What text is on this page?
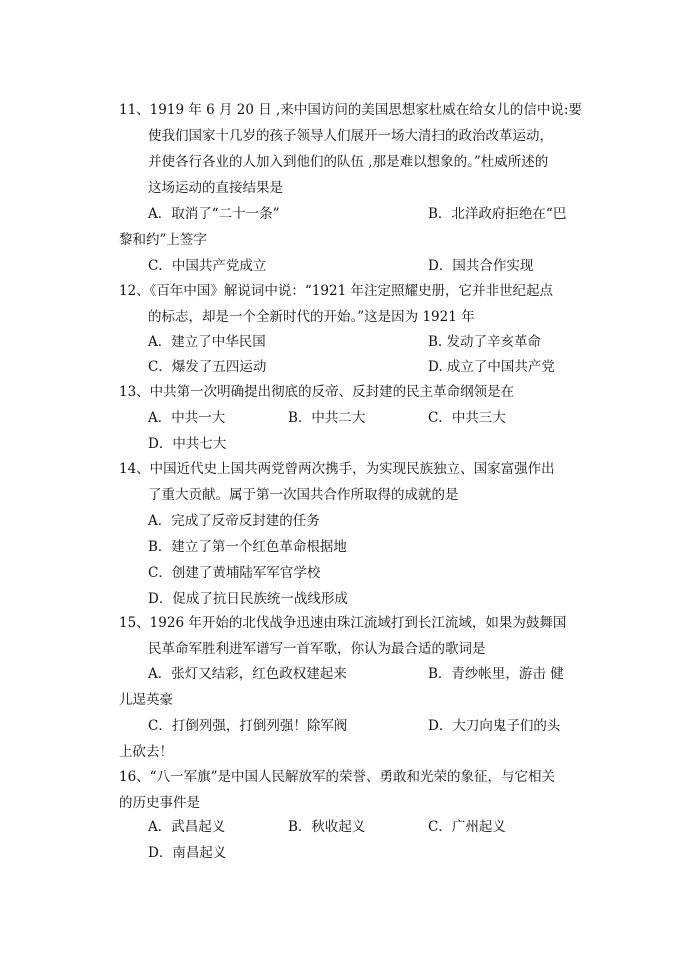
11、1919 年 6 月 20 日 ,来中国访问的美国思想家杜威在给女儿的信中说:要
使我们国家十几岁的孩子领导人们展开一场大清扫的政治改革运动，
并使各行各业的人加入到他们的队伍 ,那是难以想象的。”杜威所述的
这场运动的直接结果是
A．取消了“二十一条”	B．北洋政府拒绝在“巴
黎和约”上签字
C．中国共产党成立	D．国共合作实现
12、《百年中国》解说词中说：“1921 年注定照耀史册，它并非世纪起点
的标志，却是一个全新时代的开始。”这是因为 1921 年
A．建立了中华民国	B. 发动了辛亥革命
C．爆发了五四运动	D. 成立了中国共产党
13、中共第一次明确提出彻底的反帝、反封建的民主革命纲领是在
A．中共一大	B．中共二大	C．中共三大
D．中共七大
14、中国近代史上国共两党曾两次携手，为实现民族独立、国家富强作出
了重大贡献。属于第一次国共合作所取得的成就的是
A．完成了反帝反封建的任务
B．建立了第一个红色革命根据地
C．创建了黄埔陆军军官学校
D．促成了抗日民族统一战线形成
15、1926 年开始的北伐战争迅速由珠江流域打到长江流域，如果为鼓舞国
民革命军胜利进军谱写一首军歌，你认为最合适的歌词是
A．张灯又结彩，红色政权建起来	B．青纱帐里，游击 健
儿逞英豪
C．打倒列强，打倒列强！除军阀	D．大刀向鬼子们的头
上砍去！
16、“八一军旗”是中国人民解放军的荣誉、勇敢和光荣的象征，与它相关
的历史事件是
A．武昌起义	B．秋收起义	C．广州起义
D．南昌起义
